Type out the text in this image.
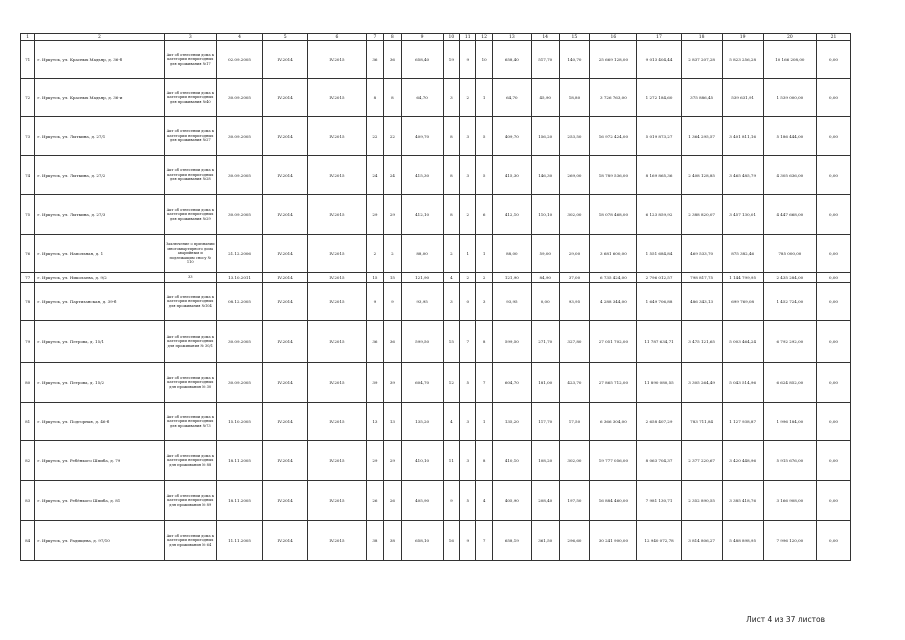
1	2	3	4	5	6	7	8	9	10	11	12	13	14	15	16	17	18	19	20	21
71	г. Иркутск, ул. Красных Мадьяр, д. 36-б	Акт об отнесении дома к категории непригодных для проживания №17	02.09.2005	IV.2014	IV.2015	36	36	658,40	19	9	10	658,40	517,70	140,70	25 669 128,00	9 013 404,44	2 837 207,28	5 823 256,28	10 166 208,00	0,00
72	г. Иркутск, ул. Красных Мадьяр, д. 36-и	Акт об отнесении дома к категории непригодных для проживания №40	30.09.2005	IV.2014	IV.2015	8	8	64,70	3	2	1	64,70	45,90	18,80	3 726 763,00	1 272 184,60	375 886,45	539 631,91	1 539 000,00	0,00
73	г. Иркутск, ул. Лыткина, д. 27/1	Акт об отнесении дома к категории непригодных для проживания №27	30.09.2005	IV.2014	IV.2015	22	22	409,70	8	3	5	409,70	156,20	253,50	16 972 424,00	5 019 873,27	1 364 295,57	3 401 811,16	5 186 444,00	0,00
74	г. Иркутск, ул. Лыткина, д. 27/2	Акт об отнесении дома к категории непригодных для проживания №28	30.09.2005	IV.2014	IV.2015	24	24	415,30	8	3	5	415,30	146,30	269,00	18 789 536,00	8 169 865,36	2 408 128,85	3 465 485,79	4 305 636,00	0,00
75	г. Иркутск, ул. Лыткина, д. 27/3	Акт об отнесении дома к категории непригодных для проживания №29	30.09.2005	IV.2014	IV.2015	29	29	412,10	8	2	6	412,10	110,10	302,00	18 078 468,00	6 123 859,92	2 388 820,07	3 457 130,01	4 447 668,00	0,00
76	г. Иркутск, ул. Напольная, д. 1	Заключение о признании многоквартирного дома аварийным и подлежащим сносу № 110	21.12.2006	IV.2014	IV.2015	2	2	88,00	2	1	1	88,00	59,00	29,00	3 681 600,00	1 551 684,84	469 533,70	875 382,46	785 000,00	0,00
77	г. Иркутск, ул. Николаева, д. 9/2	33	13.10.2011	IV.2014	IV.2015	15	15	121,90	4	2	2	121,90	84,90	37,00	6 735 424,00	2 796 012,57	798 817,75	1 144 799,95	2 435 284,00	0,00
78	г. Иркутск, ул. Партизанская, д. 39-б	Акт об отнесении дома к категории непригодных для проживания №104	08.12.2005	IV.2014	IV.2015	9	9	93,95	3	0	3	93,95	0,00	93,95	4 288 344,00	1 649 706,88	486 343,13	699 769,08	1 452 724,00	0,00
79	г. Иркутск, ул. Петрова, д. 15/1	Акт об отнесении дома к категории непригодных для проживания № 30/1	30.09.2005	IV.2014	IV.2015	36	36	599,50	15	7	8	599,50	271,70	327,80	27 051 702,00	11 787 634,71	3 475 121,65	5 003 464,24	6 792 292,00	0,00
80	г. Иркутск, ул. Петрова, д. 15/2	Акт об отнесении дома к категории непригодных для проживания № 30	30.09.2005	IV.2014	IV.2015	39	39	604,70	12	5	7	604,70	181,00	423,70	27 865 712,00	11 890 080,55	3 305 264,49	5 043 514,96	6 624 852,00	0,00
81	г. Иркутск, ул. Подгорная, д. 46-б	Акт об отнесении дома к категории непригодных для проживания №73	15.10.2005	IV.2014	IV.2015	13	13	135,20	4	3	1	135,20	117,70	17,50	6 366 304,00	2 658 407,29	783 711,84	1 127 938,87	1 996 184,00	0,00
82	г. Иркутск, ул. Ребёнкого Шпиба, д. 79	Акт об отнесении дома к категории непригодных для проживания № 88	18.11.2005	IV.2014	IV.2015	29	29	410,10	11	3	8	410,10	108,20	302,00	19 777 056,00	8 063 704,37	2 377 220,67	3 420 448,96	5 915 676,00	0,00
83	г. Иркутск, ул. Ребёнкого Шпиба, д. 81	Акт об отнесении дома к категории непригодных для проживания № 89	18.11.2005	IV.2014	IV.2015	26	26	405,90	9	5	4	405,90	208,40	197,50	16 884 460,00	7 981 130,71	2 352 890,55	3 385 418,76	3 166 908,00	0,00
84	г. Иркутск, ул. Радищева, д. 97/10	Акт об отнесении дома к категории непригодных для проживания № 64	11.11.2005	IV.2014	IV.2015	38	38	658,10	16	9	7	658,19	361,50	296,60	30 241 900,00	12 940 072,78	3 814 806,27	5 488 898,95	7 996 120,00	0,00
Лист 4 из 37 листов
